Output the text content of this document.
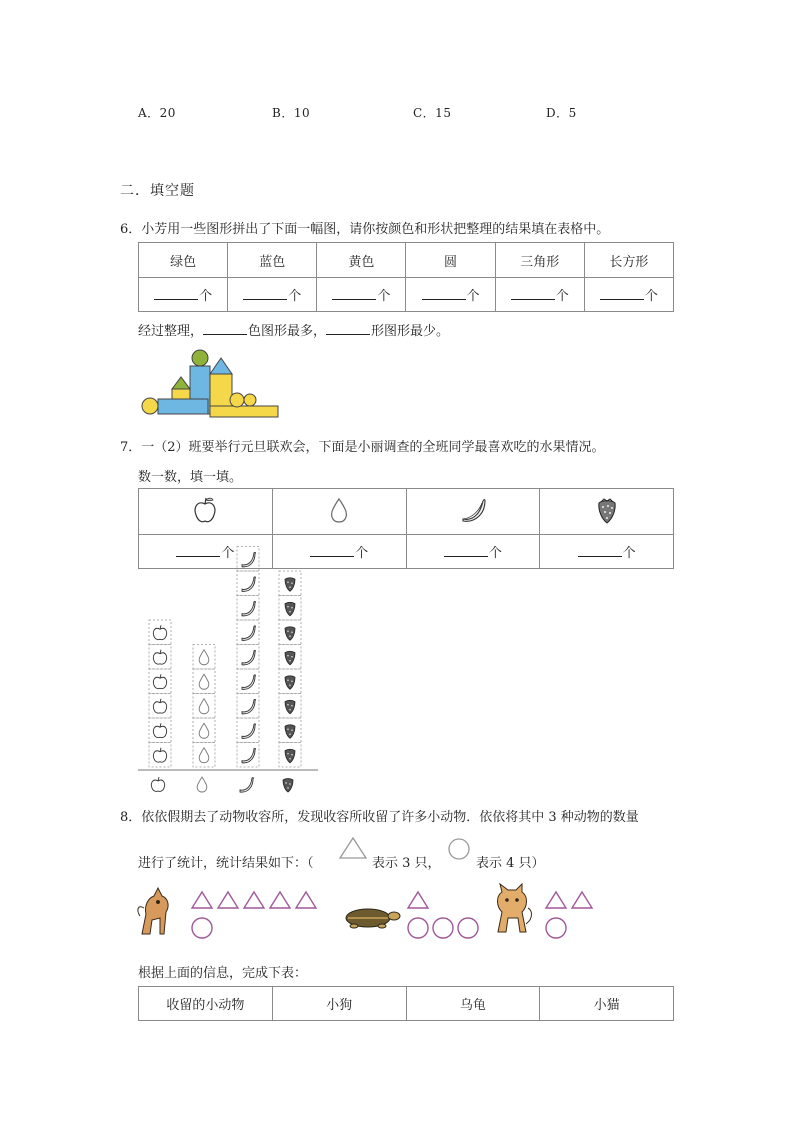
A．20	B．10	C．15	D．5
二．填空题
6．小芳用一些图形拼出了下面一幅图，请你按颜色和形状把整理的结果填在表格中。
绿色	蓝色	黄色	圆	三角形	长方形
个	个	个	个	个	个
经过整理，	色图形最多，	形图形最少。
7．一（2）班要举行元旦联欢会，下面是小丽调查的全班同学最喜欢吃的水果情况。
数一数，填一填。

个	个	个	个
8．依依假期去了动物收容所，发现收容所收留了许多小动物．依依将其中 3 种动物的数量
进行了统计，统计结果如下：（	表示 3 只，	表示 4 只）
根据上面的信息，完成下表：
收留的小动物	小狗	乌龟	小猫
